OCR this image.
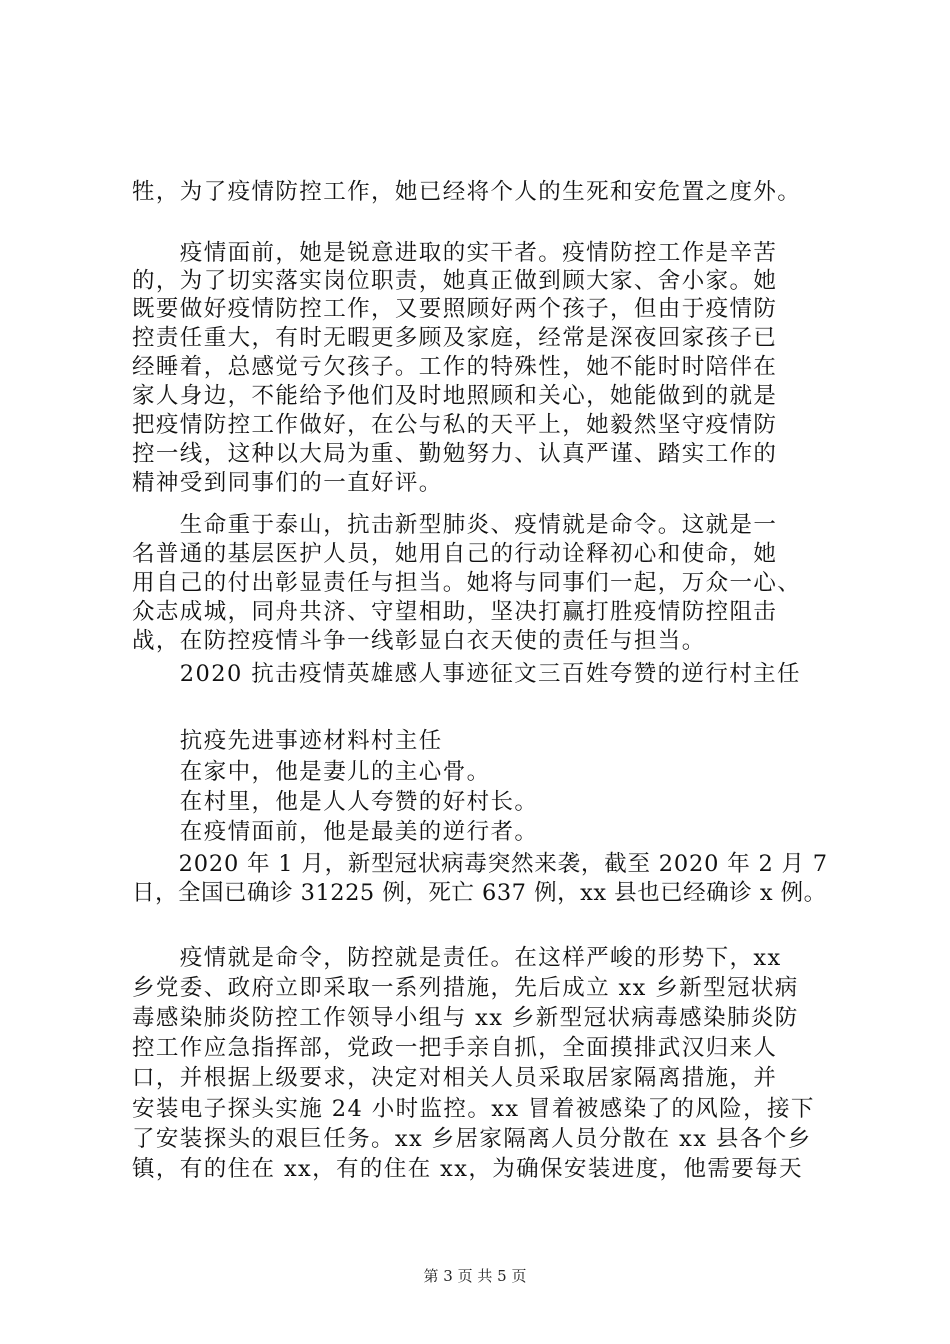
牲，为了疫情防控工作，她已经将个人的生死和安危置之度外。
　　疫情面前，她是锐意进取的实干者。疫情防控工作是辛苦
的，为了切实落实岗位职责，她真正做到顾大家、舍小家。她
既要做好疫情防控工作，又要照顾好两个孩子，但由于疫情防
控责任重大，有时无暇更多顾及家庭，经常是深夜回家孩子已
经睡着，总感觉亏欠孩子。工作的特殊性，她不能时时陪伴在
家人身边，不能给予他们及时地照顾和关心，她能做到的就是
把疫情防控工作做好，在公与私的天平上，她毅然坚守疫情防
控一线，这种以大局为重、勤勉努力、认真严谨、踏实工作的
精神受到同事们的一直好评。
　　生命重于泰山，抗击新型肺炎、疫情就是命令。这就是一
名普通的基层医护人员，她用自己的行动诠释初心和使命，她
用自己的付出彰显责任与担当。她将与同事们一起，万众一心、
众志成城，同舟共济、守望相助，坚决打赢打胜疫情防控阻击
战，在防控疫情斗争一线彰显白衣天使的责任与担当。
　　2020 抗击疫情英雄感人事迹征文三百姓夸赞的逆行村主任
　　抗疫先进事迹材料村主任
　　在家中，他是妻儿的主心骨。
　　在村里，他是人人夸赞的好村长。
　　在疫情面前，他是最美的逆行者。
　　2020 年 1 月，新型冠状病毒突然来袭，截至 2020 年 2 月 7
日，全国已确诊 31225 例，死亡 637 例，xx 县也已经确诊 x 例。
　　疫情就是命令，防控就是责任。在这样严峻的形势下，xx
乡党委、政府立即采取一系列措施，先后成立 xx 乡新型冠状病
毒感染肺炎防控工作领导小组与 xx 乡新型冠状病毒感染肺炎防
控工作应急指挥部，党政一把手亲自抓，全面摸排武汉归来人
口，并根据上级要求，决定对相关人员采取居家隔离措施，并
安装电子探头实施 24 小时监控。xx 冒着被感染了的风险，接下
了安装探头的艰巨任务。xx 乡居家隔离人员分散在 xx 县各个乡
镇，有的住在 xx，有的住在 xx，为确保安装进度，他需要每天
第 3 页 共 5 页
